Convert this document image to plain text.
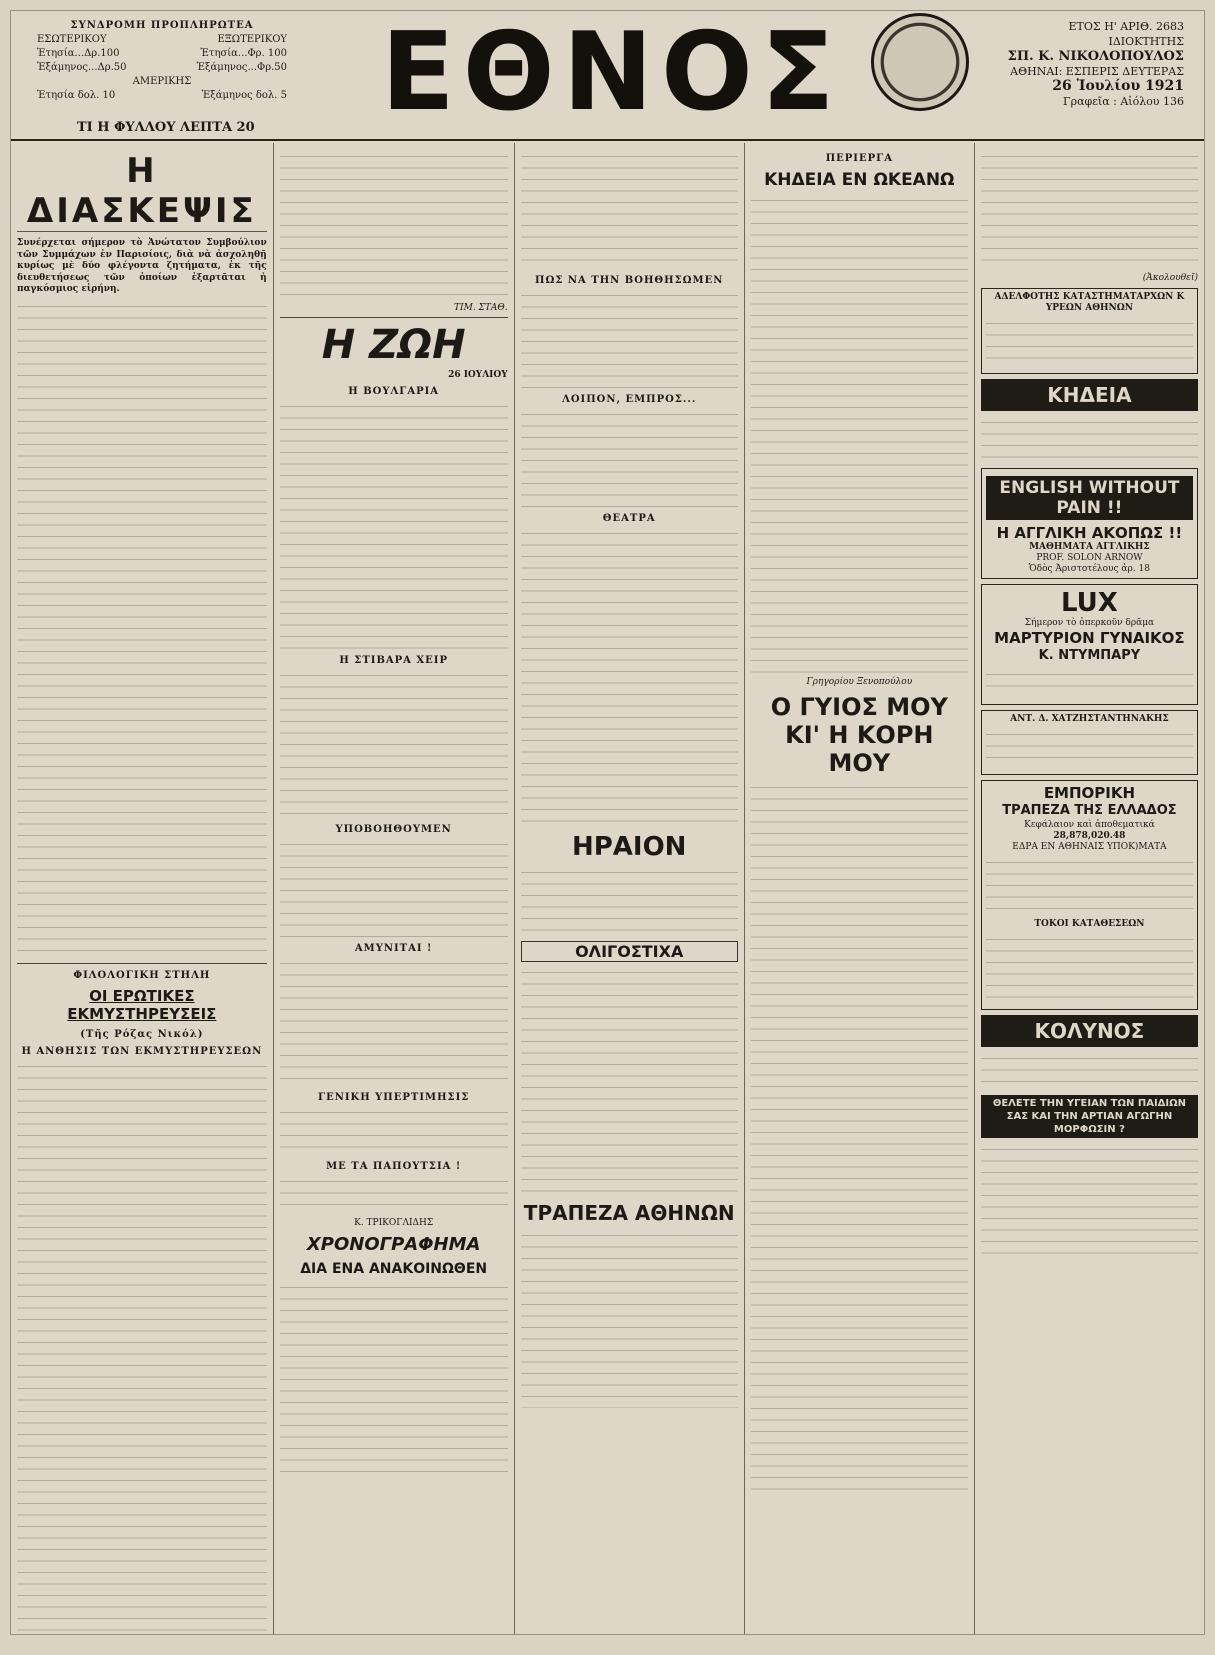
ΣΥΝΔΡΟΜΗ ΠΡΟΠΛΗΡΩΤΕΑ
ΕΣΩΤΕΡΙΚΟΥ	ΕΞΩΤΕΡΙΚΟΥ
Ἐτησία...Δρ.100	Ἐτησία...Φρ. 100
Ἐξάμηνος...Δρ.50	Ἐξάμηνος...Φρ.50
ΑΜΕΡΙΚΗΣ
Ἐτησία δολ. 10	Ἐξάμηνος δολ. 5
ΤΙ Η ΦΥΛΛΟΥ ΛΕΠΤΑ 20 ΕΘΝΟΣ	ΕΤΟΣ Η' ΑΡΙΘ. 2683
ΙΔΙΟΚΤΗΤΗΣ
ΣΠ. Κ. ΝΙΚΟΛΟΠΟΥΛΟΣ
ΑΘΗΝΑΙ: ΕΣΠΕΡΙΣ ΔΕΥΤΕΡΑΣ
26 Ἰουλίου 1921
Γραφεῖα : Αἰόλου 136
Η ΔΙΑΣΚΕΨΙΣ

Συνέρχεται σήμερον τὸ Ἀνώτατον Συμβούλιον τῶν Συμμάχων ἐν Παρισίοις, διὰ νὰ ἀσχοληθῇ κυρίως μὲ δύο φλέγοντα ζητήματα, ἐκ τῆς διευθετήσεως τῶν ὁποίων ἐξαρτᾶται ἡ παγκόσμιος εἰρήνη.

ΦΙΛΟΛΟΓΙΚΗ ΣΤΗΛΗ
ΟΙ ΕΡΩΤΙΚΕΣ ΕΚΜΥΣΤΗΡΕΥΣΕΙΣ
(Τῆς Ρόζας Νικόλ)
Η ΑΝΘΗΣΙΣ ΤΩΝ ΕΚΜΥΣΤΗΡΕΥΣΕΩΝ
ΤΙΜ. ΣΤΑΘ.
Η ΖΩΗ
26 ΙΟΥΛΙΟΥ
Η ΒΟΥΛΓΑΡΙΑ
Η ΣΤΙΒΑΡΑ ΧΕΙΡ
ΥΠΟΒΟΗΘΟΥΜΕΝ
ΑΜΥΝΙΤΑΙ !
ΓΕΝΙΚΗ ΥΠΕΡΤΙΜΗΣΙΣ
ΜΕ ΤΑ ΠΑΠΟΥΤΣΙΑ !
Κ. ΤΡΙΚΟΓΛΙΔΗΣ
ΧΡΟΝΟΓΡΑΦΗΜΑ
ΔΙΑ ΕΝΑ ΑΝΑΚΟΙΝΩΘΕΝ
ΠΩΣ ΝΑ ΤΗΝ ΒΟΗΘΗΣΩΜΕΝ
ΛΟΙΠΟΝ, ΕΜΠΡΟΣ...
ΘΕΑΤΡΑ
ΗΡΑΙΟΝ
ΟΛΙΓΟΣΤΙΧΑ
ΤΡΑΠΕΖΑ ΑΘΗΝΩΝ
ΠΕΡΙΕΡΓΑ
ΚΗΔΕΙΑ ΕΝ ΩΚΕΑΝΩ
Γρηγορίου Ξενοπούλου
Ο ΓΥΙΟΣ ΜΟΥ ΚΙ' Η ΚΟΡΗ ΜΟΥ
(Ἀκολουθεῖ)
ΑΔΕΛΦΟΤΗΣ ΚΑΤΑΣΤΗΜΑΤΑΡΧΩΝ Κ ΥΡΕΩΝ ΑΘΗΝΩΝ
ΚΗΔΕΙΑ
ENGLISH WITHOUT PAIN !!
Η ΑΓΓΛΙΚΗ ΑΚΟΠΩΣ !!
ΜΑΘΗΜΑΤΑ ΑΓΓΛΙΚΗΣ
PROF. SOLON ARNOW
Ὁδὸς Ἀριστοτέλους ἀρ. 18
LUX
Σήμερον τὸ ὀπερκοῦν δρᾶμα
ΜΑΡΤΥΡΙΟΝ ΓΥΝΑΙΚΟΣ
Κ. ΝΤΥΜΠΑΡΥ
ΑΝΤ. Δ. ΧΑΤΖΗΣΤΑΝΤΗΝΑΚΗΣ
ΕΜΠΟΡΙΚΗ
ΤΡΑΠΕΖΑ ΤΗΣ ΕΛΛΑΔΟΣ
Κεφάλαιον καὶ ἀποθεματικά
28,878,020.48
ΕΔΡΑ ΕΝ ΑΘΗΝΑΙΣ ΥΠΟΚ)ΜΑΤΑ
ΤΟΚΟΙ ΚΑΤΑΘΕΣΕΩΝ
ΚΟΛΥΝΟΣ
ΘΕΛΕΤΕ ΤΗΝ ΥΓΕΙΑΝ ΤΩΝ ΠΑΙΔΙΩΝ ΣΑΣ ΚΑΙ ΤΗΝ ΑΡΤΙΑΝ ΑΓΩΓΗΝ ΜΟΡΦΩΣΙΝ ?
